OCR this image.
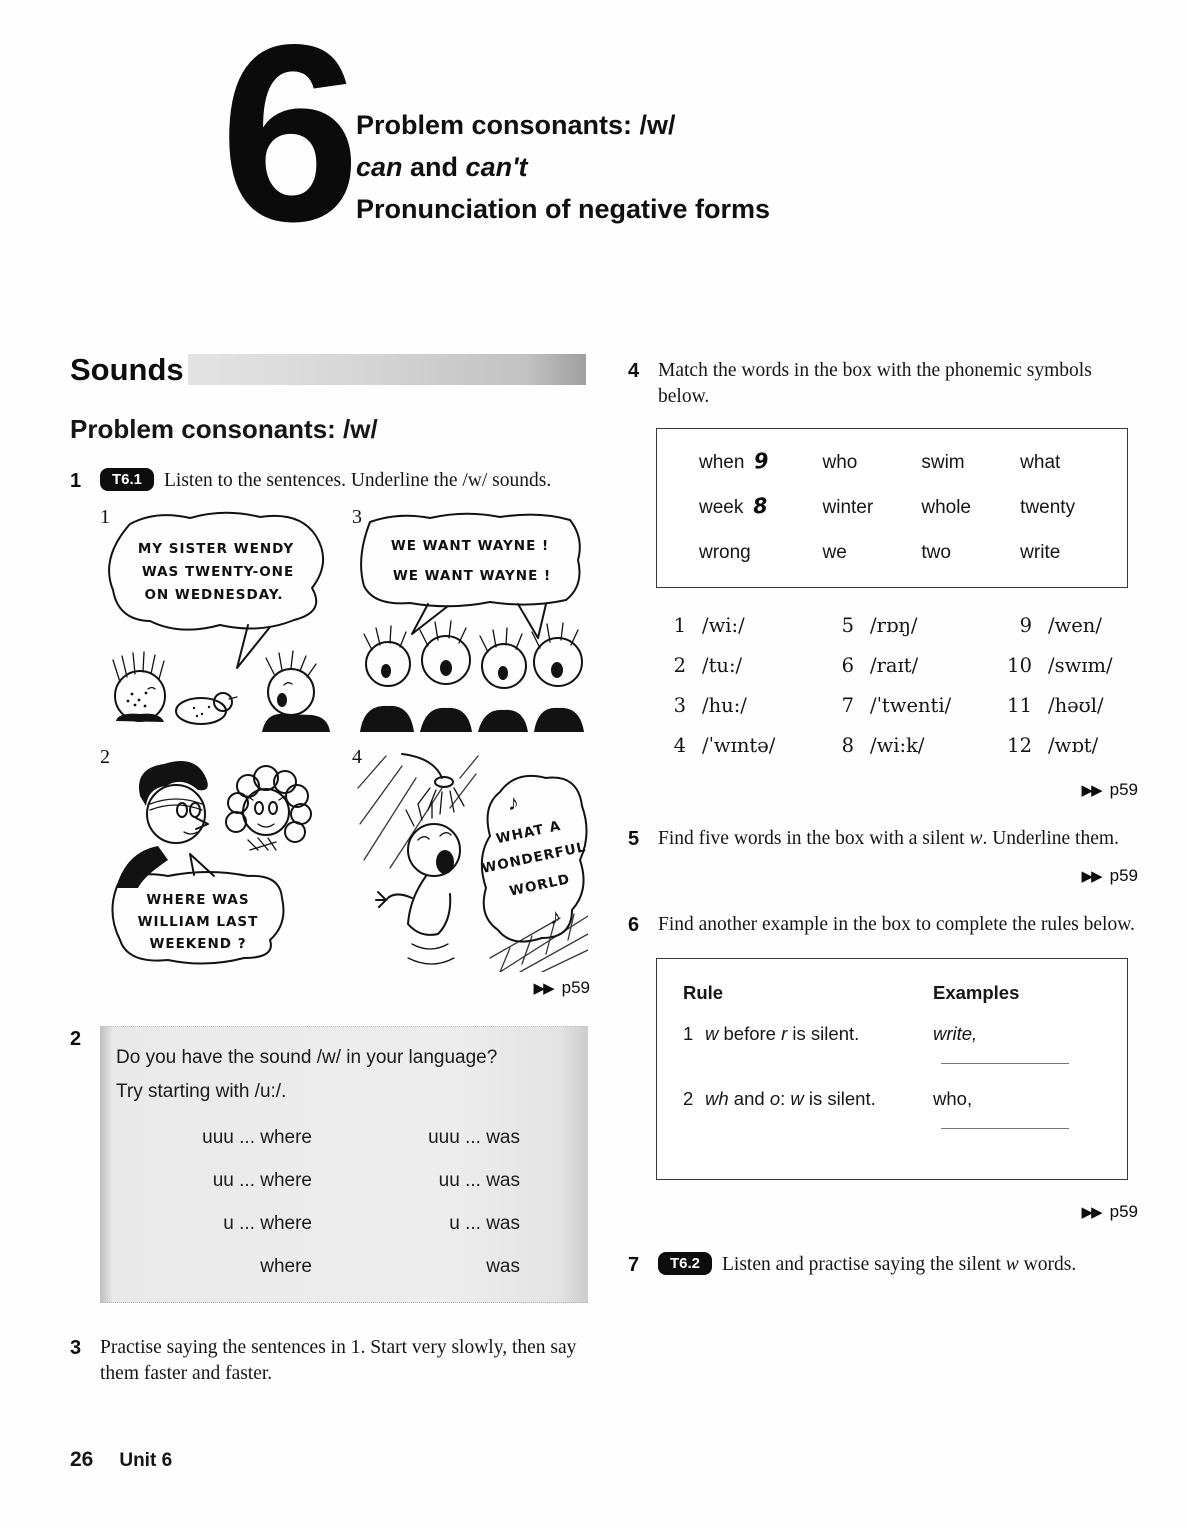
6 Problem consonants: /w/
can and can't
Pronunciation of negative forms
Sounds
Problem consonants: /w/
1	T6.1 Listen to the sentences. Underline the /w/ sounds.
1
MY SISTER WENDY
WAS TWENTY-ONE
ON WEDNESDAY.
3
WE WANT WAYNE !
WE WANT WAYNE !
2
WHERE WAS
WILLIAM LAST
WEEKEND ?
4
WHAT A
WONDERFUL
WORLD
♪
♪
▶▶ p59
2
Do you have the sound /w/ in your language?
Try starting with /u:/.
uuu ... where	uuu ... was
uu ... where	uu ... was
u ... where	u ... was
where	was
3 Practise saying the sentences in 1. Start very slowly, then say them faster and faster.
4 Match the words in the box with the phonemic symbols below.
when 9	who	swim	what
week 8	winter	whole	twenty
wrong	we	two	write
1 /wi:/
2 /tu:/
3 /hu:/
4 /ˈwɪntə/
5 /rɒŋ/
6 /raɪt/
7 /ˈtwenti/
8 /wi:k/
9 /wen/
10 /swɪm/
11 /həʊl/
12 /wɒt/
▶▶ p59
5 Find five words in the box with a silent w. Underline them.
▶▶ p59
6 Find another example in the box to complete the rules below.
Rule	Examples
1 w before r is silent.	write,
2 wh and o: w is silent.	who,
▶▶ p59
7	T6.2 Listen and practise saying the silent w words.
26 Unit 6
